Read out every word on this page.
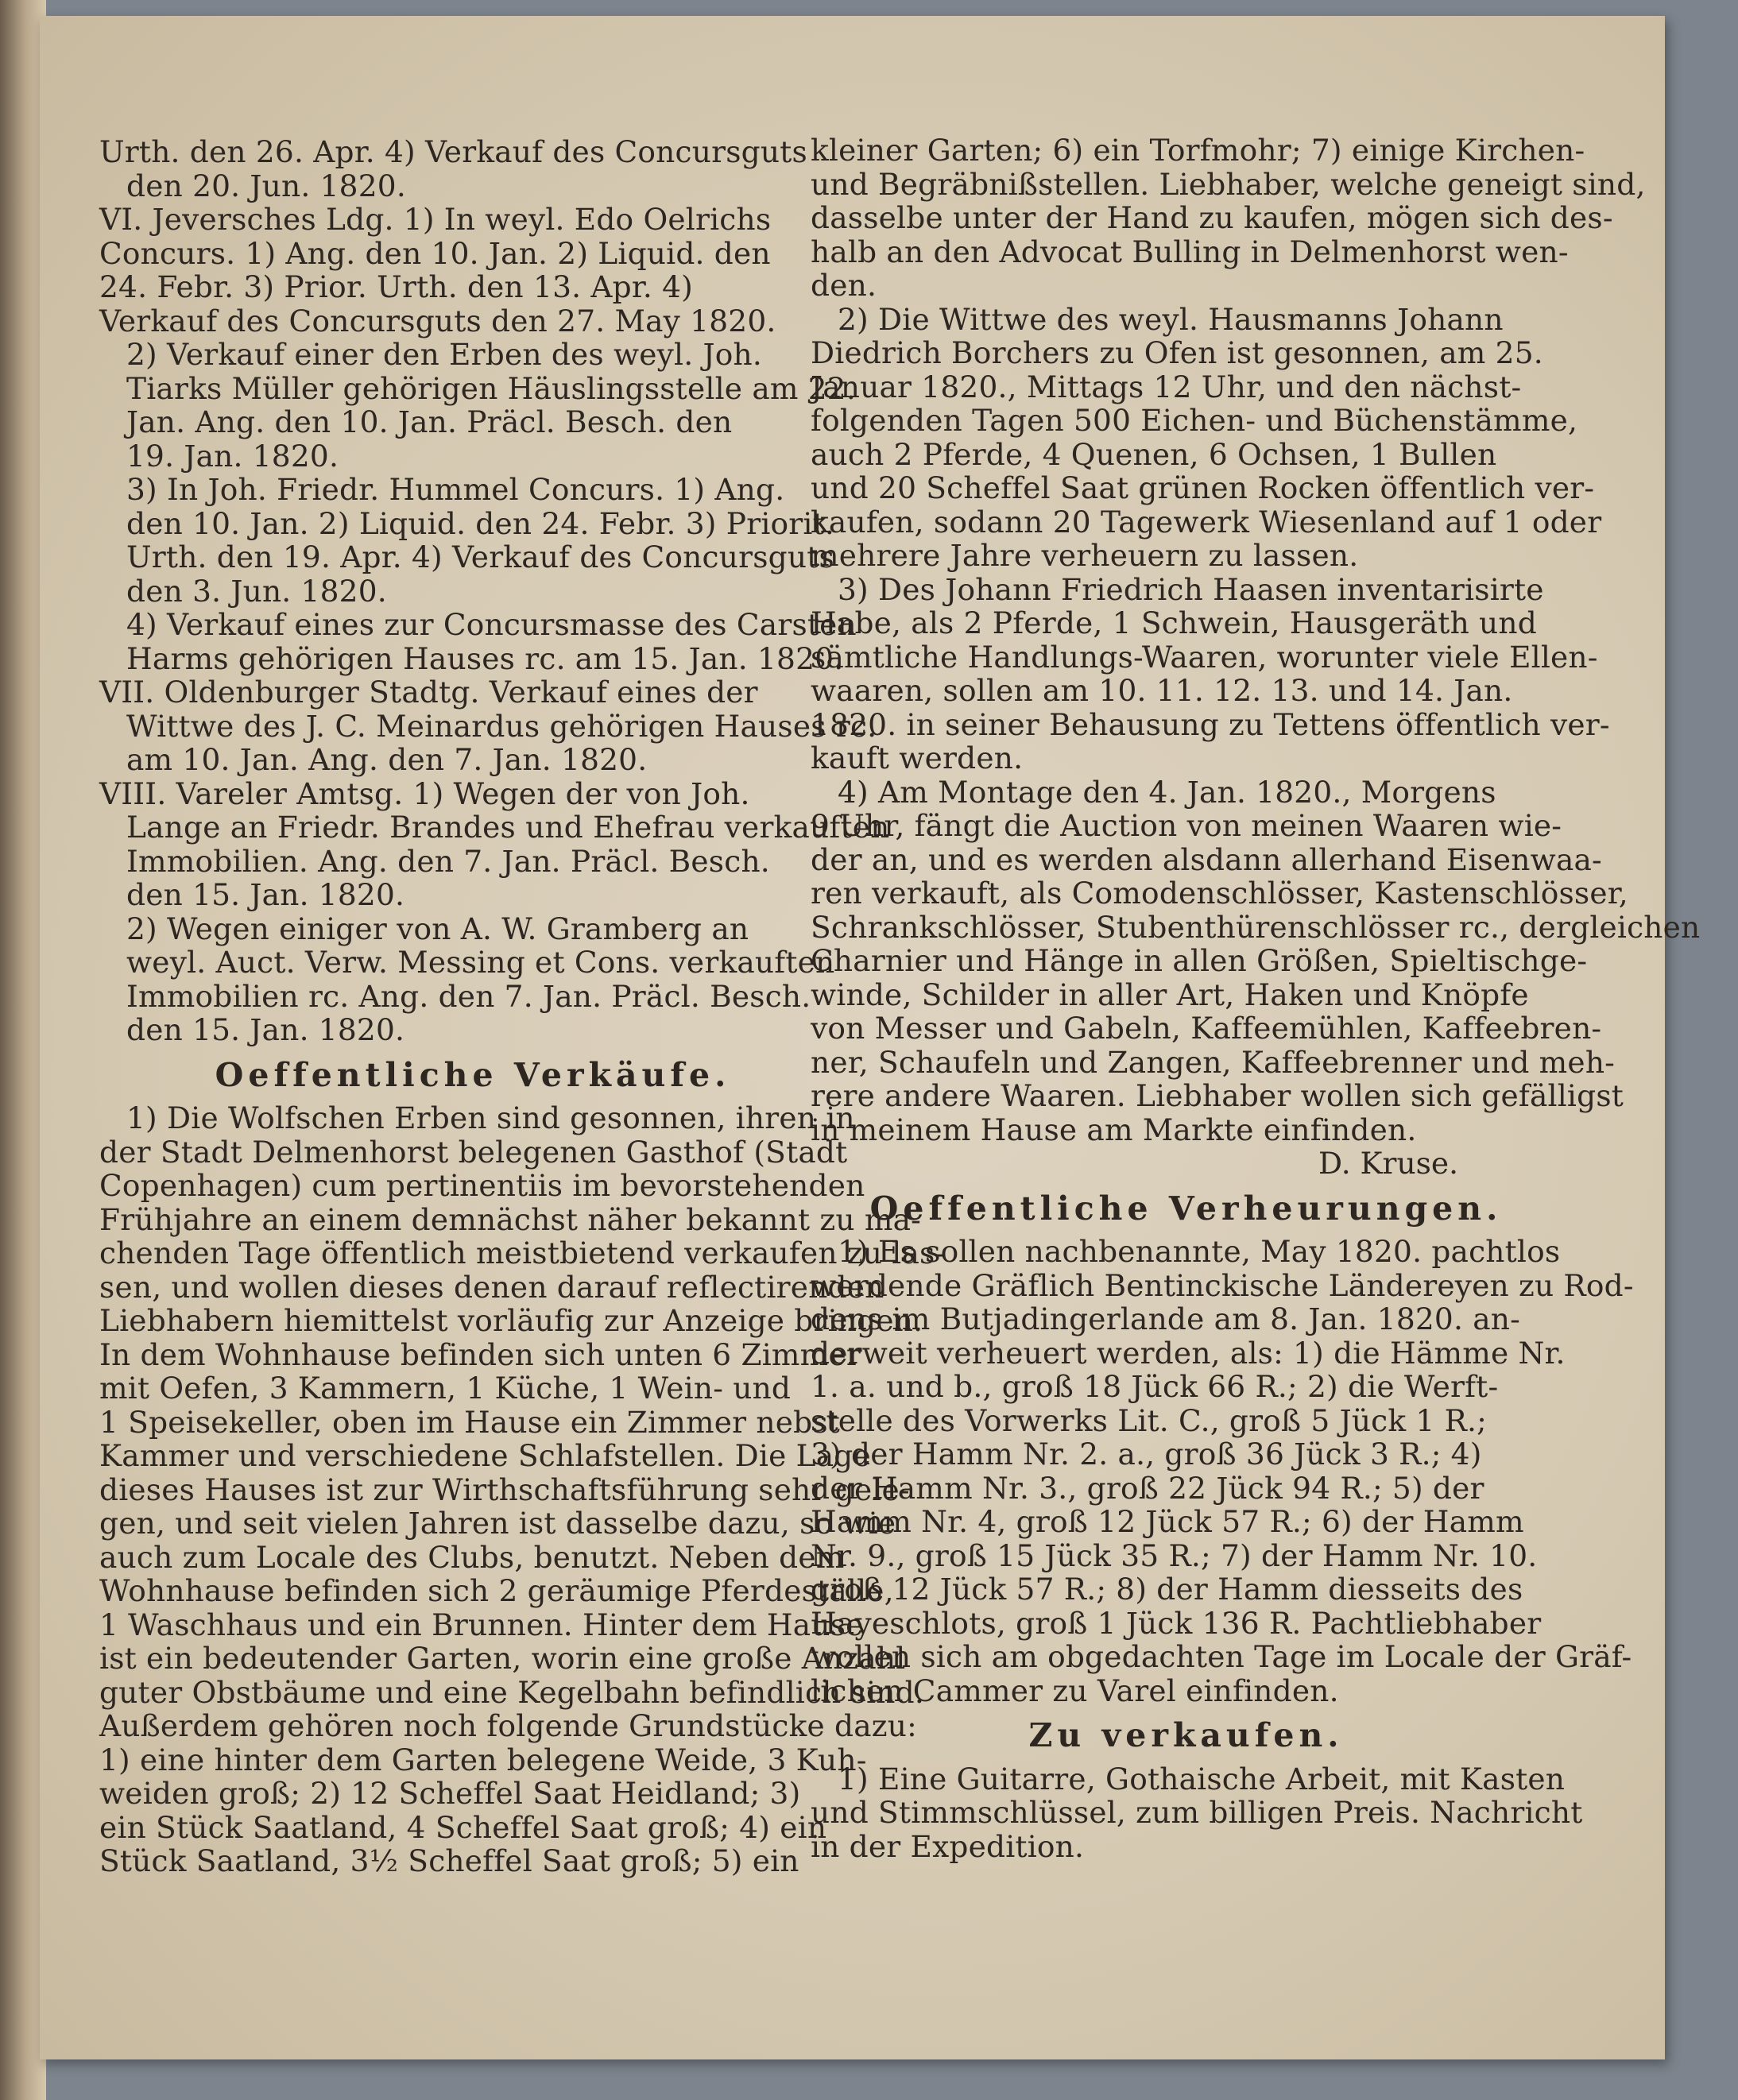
Urth. den 26. Apr. 4) Verkauf des Concursguts
den 20. Jun. 1820.
VI. Jeversches Ldg. 1) In weyl. Edo Oelrichs
Concurs. 1) Ang. den 10. Jan. 2) Liquid. den
24. Febr. 3) Prior. Urth. den 13. Apr. 4)
Verkauf des Concursguts den 27. May 1820.
2) Verkauf einer den Erben des weyl. Joh.
Tiarks Müller gehörigen Häuslingsstelle am 22.
Jan. Ang. den 10. Jan. Präcl. Besch. den
19. Jan. 1820.
3) In Joh. Friedr. Hummel Concurs. 1) Ang.
den 10. Jan. 2) Liquid. den 24. Febr. 3) Priorit.
Urth. den 19. Apr. 4) Verkauf des Concursguts
den 3. Jun. 1820.
4) Verkauf eines zur Concursmasse des Carsten
Harms gehörigen Hauses rc. am 15. Jan. 1820.
VII. Oldenburger Stadtg. Verkauf eines der
Wittwe des J. C. Meinardus gehörigen Hauses rc.
am 10. Jan. Ang. den 7. Jan. 1820.
VIII. Vareler Amtsg. 1) Wegen der von Joh.
Lange an Friedr. Brandes und Ehefrau verkauften
Immobilien. Ang. den 7. Jan. Präcl. Besch.
den 15. Jan. 1820.
2) Wegen einiger von A. W. Gramberg an
weyl. Auct. Verw. Messing et Cons. verkauften
Immobilien rc. Ang. den 7. Jan. Präcl. Besch.
den 15. Jan. 1820.
Oeffentliche Verkäufe.
1) Die Wolfschen Erben sind gesonnen, ihren in
der Stadt Delmenhorst belegenen Gasthof (Stadt
Copenhagen) cum pertinentiis im bevorstehenden
Frühjahre an einem demnächst näher bekannt zu ma-
chenden Tage öffentlich meistbietend verkaufen zu las-
sen, und wollen dieses denen darauf reflectirenden
Liebhabern hiemittelst vorläufig zur Anzeige bringen.
In dem Wohnhause befinden sich unten 6 Zimmer
mit Oefen, 3 Kammern, 1 Küche, 1 Wein- und
1 Speisekeller, oben im Hause ein Zimmer nebst
Kammer und verschiedene Schlafstellen. Die Lage
dieses Hauses ist zur Wirthschaftsführung sehr gele-
gen, und seit vielen Jahren ist dasselbe dazu, so wie
auch zum Locale des Clubs, benutzt. Neben dem
Wohnhause befinden sich 2 geräumige Pferdeställe,
1 Waschhaus und ein Brunnen. Hinter dem Hause
ist ein bedeutender Garten, worin eine große Anzahl
guter Obstbäume und eine Kegelbahn befindlich sind.
Außerdem gehören noch folgende Grundstücke dazu:
1) eine hinter dem Garten belegene Weide, 3 Kuh-
weiden groß; 2) 12 Scheffel Saat Heidland; 3)
ein Stück Saatland, 4 Scheffel Saat groß; 4) ein
Stück Saatland, 3½ Scheffel Saat groß; 5) ein
kleiner Garten; 6) ein Torfmohr; 7) einige Kirchen-
und Begräbnißstellen. Liebhaber, welche geneigt sind,
dasselbe unter der Hand zu kaufen, mögen sich des-
halb an den Advocat Bulling in Delmenhorst wen-
den.
2) Die Wittwe des weyl. Hausmanns Johann
Diedrich Borchers zu Ofen ist gesonnen, am 25.
Januar 1820., Mittags 12 Uhr, und den nächst-
folgenden Tagen 500 Eichen- und Büchenstämme,
auch 2 Pferde, 4 Quenen, 6 Ochsen, 1 Bullen
und 20 Scheffel Saat grünen Rocken öffentlich ver-
kaufen, sodann 20 Tagewerk Wiesenland auf 1 oder
mehrere Jahre verheuern zu lassen.
3) Des Johann Friedrich Haasen inventarisirte
Habe, als 2 Pferde, 1 Schwein, Hausgeräth und
sämtliche Handlungs-Waaren, worunter viele Ellen-
waaren, sollen am 10. 11. 12. 13. und 14. Jan.
1820. in seiner Behausung zu Tettens öffentlich ver-
kauft werden.
4) Am Montage den 4. Jan. 1820., Morgens
9 Uhr, fängt die Auction von meinen Waaren wie-
der an, und es werden alsdann allerhand Eisenwaa-
ren verkauft, als Comodenschlösser, Kastenschlösser,
Schrankschlösser, Stubenthürenschlösser rc., dergleichen
Charnier und Hänge in allen Größen, Spieltischge-
winde, Schilder in aller Art, Haken und Knöpfe
von Messer und Gabeln, Kaffeemühlen, Kaffeebren-
ner, Schaufeln und Zangen, Kaffeebrenner und meh-
rere andere Waaren. Liebhaber wollen sich gefälligst
in meinem Hause am Markte einfinden.
D. Kruse.
Oeffentliche Verheurungen.
1) Es sollen nachbenannte, May 1820. pachtlos
werdende Gräflich Bentinckische Ländereyen zu Rod-
dens im Butjadingerlande am 8. Jan. 1820. an-
derweit verheuert werden, als: 1) die Hämme Nr.
1. a. und b., groß 18 Jück 66 R.; 2) die Werft-
stelle des Vorwerks Lit. C., groß 5 Jück 1 R.;
3) der Hamm Nr. 2. a., groß 36 Jück 3 R.; 4)
der Hamm Nr. 3., groß 22 Jück 94 R.; 5) der
Hamm Nr. 4, groß 12 Jück 57 R.; 6) der Hamm
Nr. 9., groß 15 Jück 35 R.; 7) der Hamm Nr. 10.
groß 12 Jück 57 R.; 8) der Hamm diesseits des
Hayeschlots, groß 1 Jück 136 R. Pachtliebhaber
wollen sich am obgedachten Tage im Locale der Gräf-
lichen Cammer zu Varel einfinden.
Zu verkaufen.
1) Eine Guitarre, Gothaische Arbeit, mit Kasten
und Stimmschlüssel, zum billigen Preis. Nachricht
in der Expedition.
